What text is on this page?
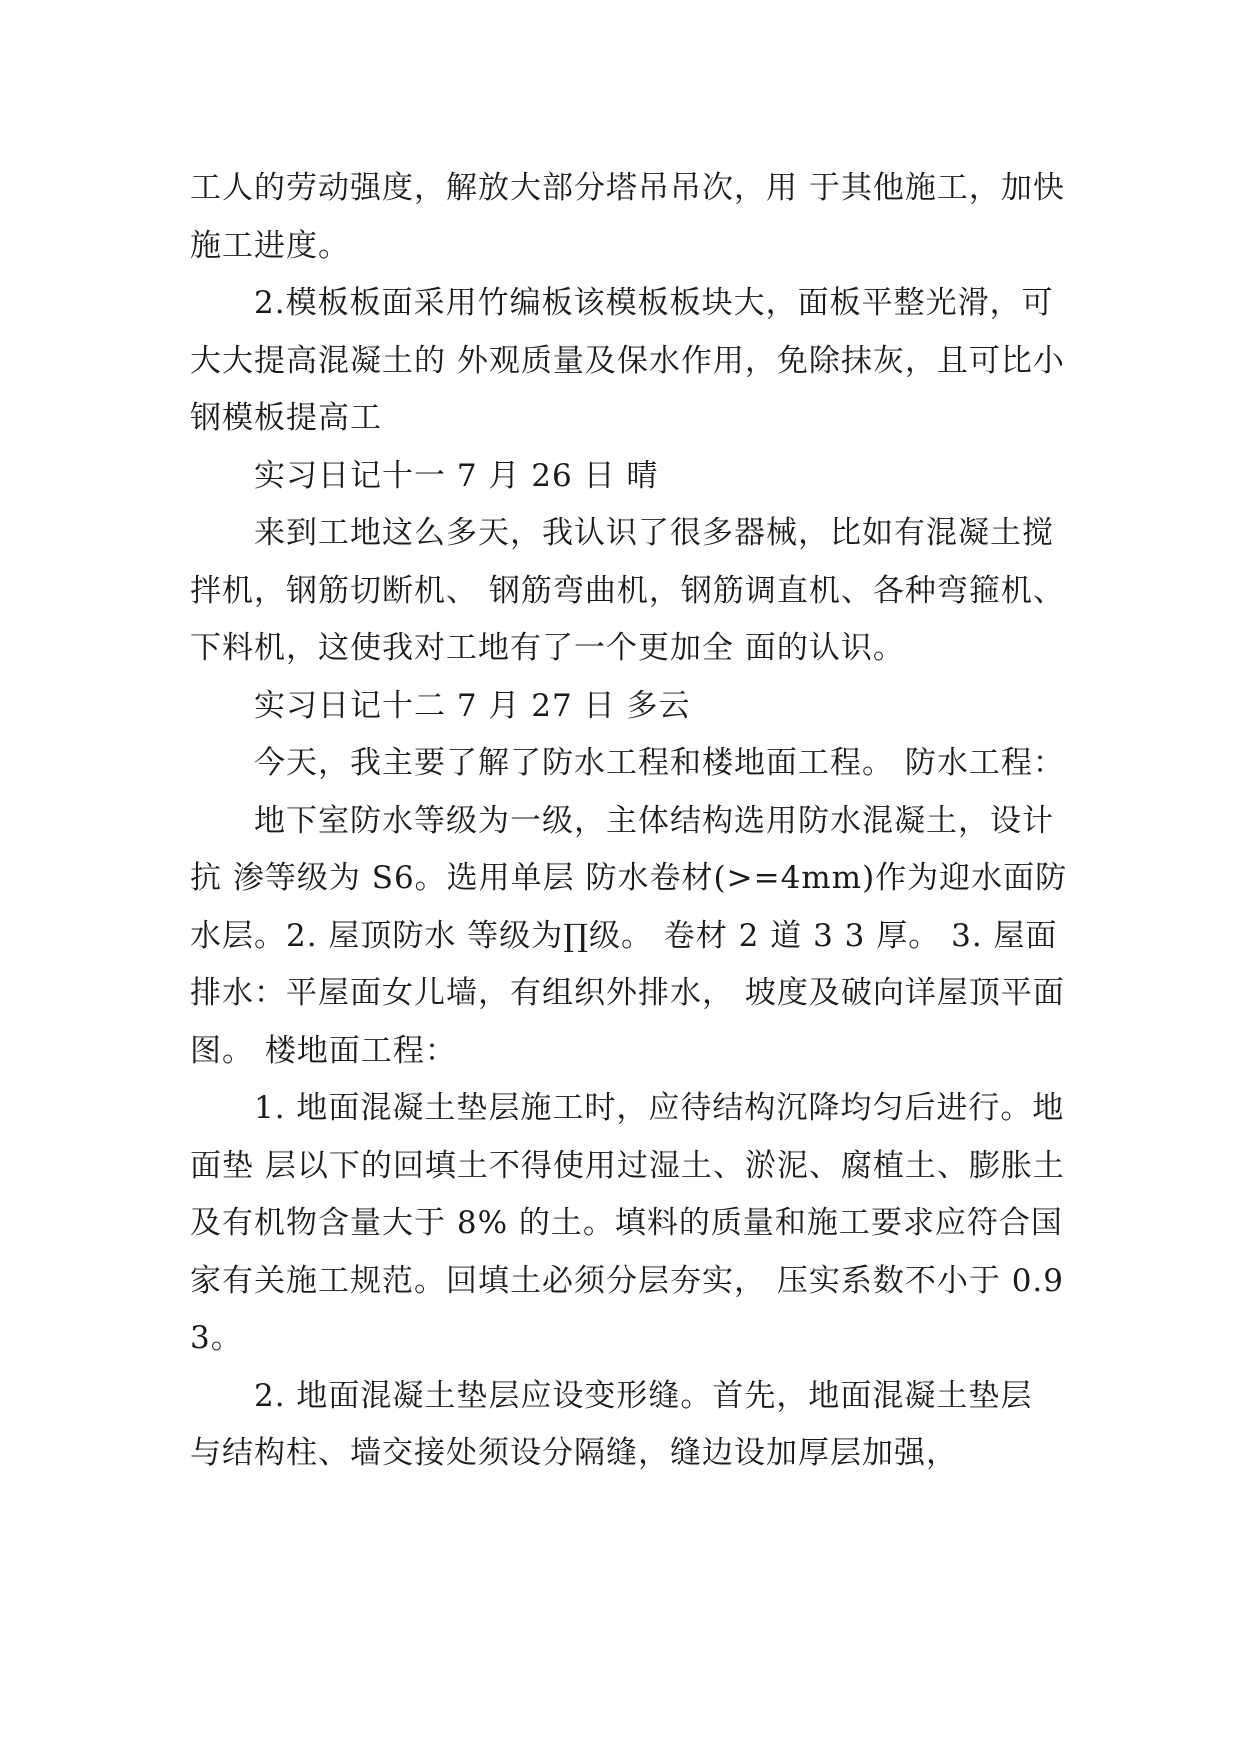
工人的劳动强度，解放大部分塔吊吊次，用 于其他施工，加快施工进度。

2.模板板面采用竹编板该模板板块大，面板平整光滑，可大大提高混凝土的 外观质量及保水作用，免除抹灰，且可比小钢模板提高工

实习日记十一 7 月 26 日 晴

来到工地这么多天，我认识了很多器械，比如有混凝土搅拌机，钢筋切断机、 钢筋弯曲机，钢筋调直机、各种弯箍机、下料机，这使我对工地有了一个更加全 面的认识。

实习日记十二 7 月 27 日 多云

今天，我主要了解了防水工程和楼地面工程。 防水工程：

地下室防水等级为一级，主体结构选用防水混凝土，设计抗 渗等级为 S6。选用单层 防水卷材(>=4mm)作为迎水面防水层。2. 屋顶防水 等级为∏级。 卷材 2 道 3 3 厚。 3. 屋面排水：平屋面女儿墙，有组织外排水， 坡度及破向详屋顶平面图。 楼地面工程：

1. 地面混凝土垫层施工时，应待结构沉降均匀后进行。地面垫 层以下的回填土不得使用过湿土、淤泥、腐植土、膨胀土及有机物含量大于 8% 的土。填料的质量和施工要求应符合国家有关施工规范。回填土必须分层夯实， 压实系数不小于 0.93。

2. 地面混凝土垫层应设变形缝。首先，地面混凝土垫层 与结构柱、墙交接处须设分隔缝，缝边设加厚层加强，
